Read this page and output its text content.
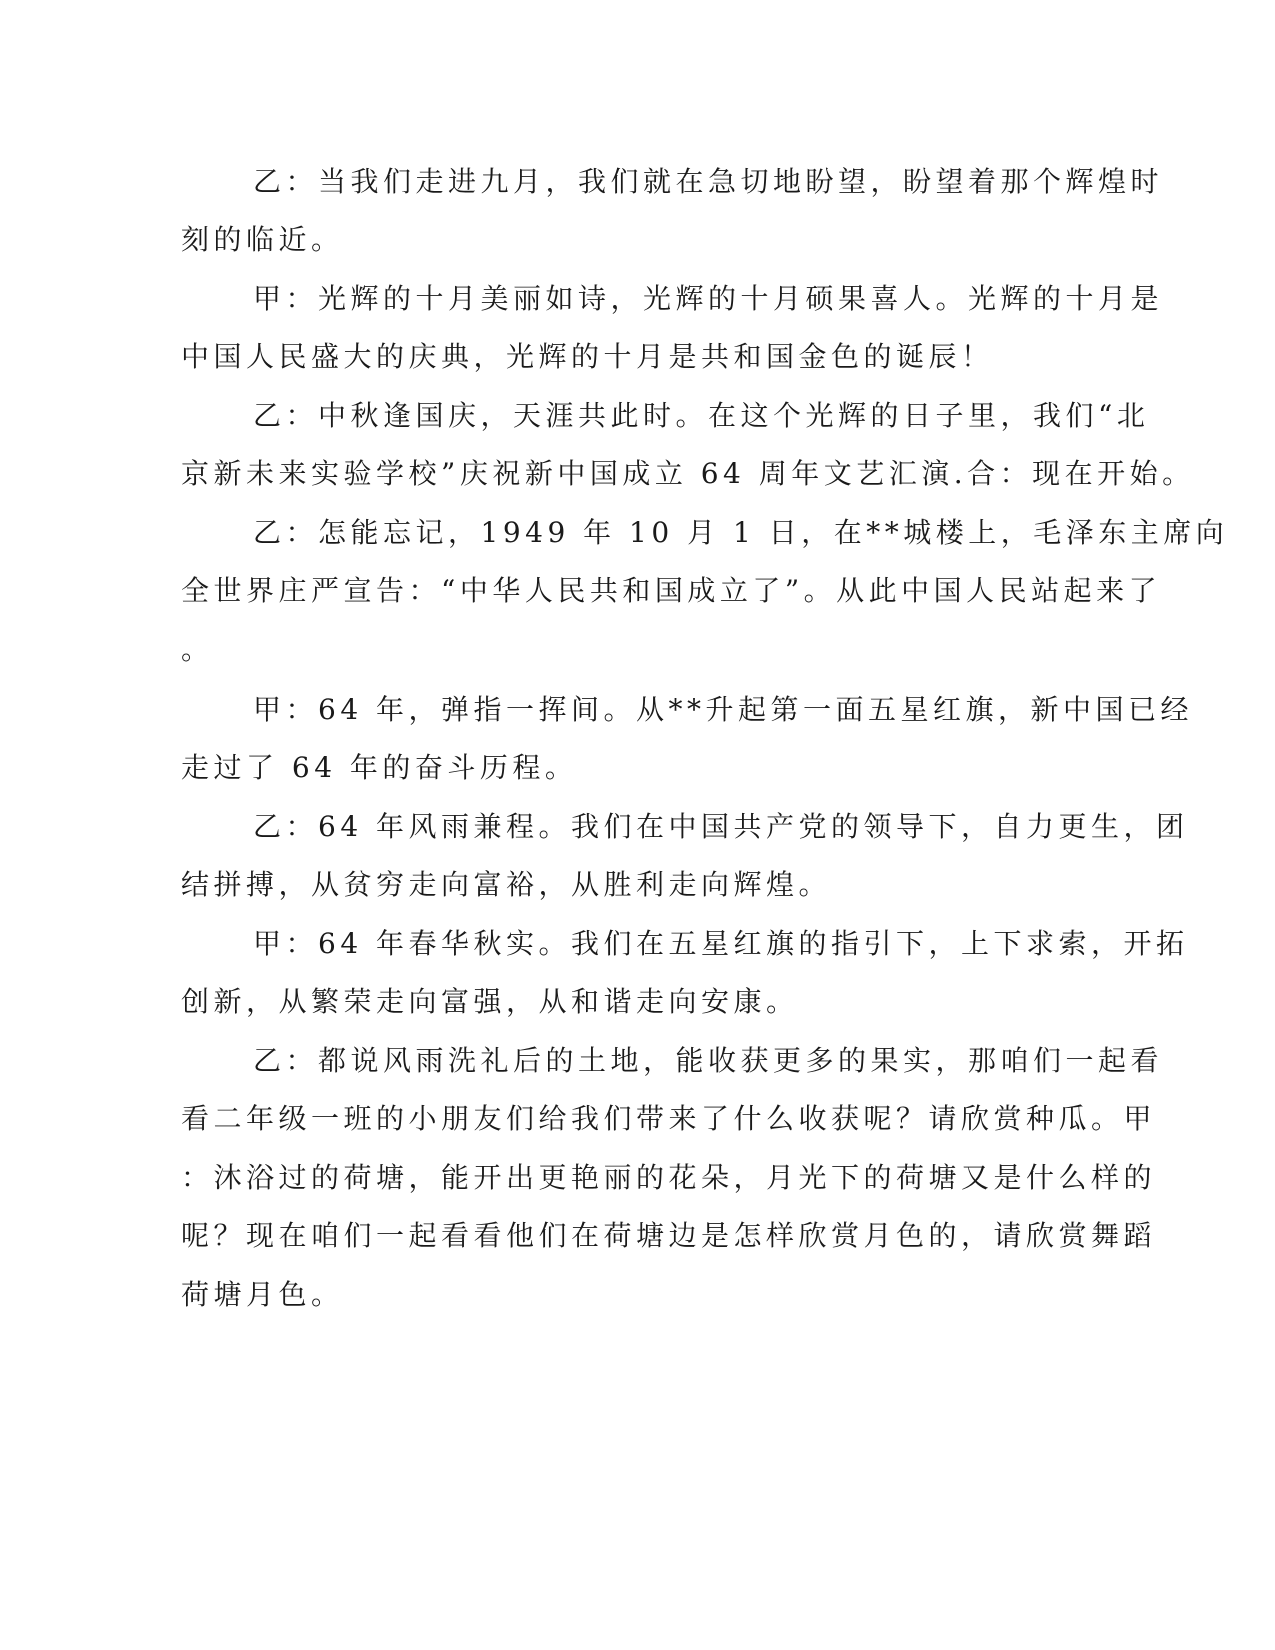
乙：当我们走进九月，我们就在急切地盼望，盼望着那个辉煌时
刻的临近。
甲：光辉的十月美丽如诗，光辉的十月硕果喜人。光辉的十月是
中国人民盛大的庆典，光辉的十月是共和国金色的诞辰！
乙：中秋逢国庆，天涯共此时。在这个光辉的日子里，我们“北
京新未来实验学校”庆祝新中国成立 64 周年文艺汇演.合：现在开始。
乙：怎能忘记，1949 年 10 月 1 日，在**城楼上，毛泽东主席向
全世界庄严宣告：“中华人民共和国成立了”。从此中国人民站起来了
。
甲：64 年，弹指一挥间。从**升起第一面五星红旗，新中国已经
走过了 64 年的奋斗历程。
乙：64 年风雨兼程。我们在中国共产党的领导下，自力更生，团
结拼搏，从贫穷走向富裕，从胜利走向辉煌。
甲：64 年春华秋实。我们在五星红旗的指引下，上下求索，开拓
创新，从繁荣走向富强，从和谐走向安康。
乙：都说风雨洗礼后的土地，能收获更多的果实，那咱们一起看
看二年级一班的小朋友们给我们带来了什么收获呢？请欣赏种瓜。甲
：沐浴过的荷塘，能开出更艳丽的花朵，月光下的荷塘又是什么样的
呢？现在咱们一起看看他们在荷塘边是怎样欣赏月色的，请欣赏舞蹈
荷塘月色。
